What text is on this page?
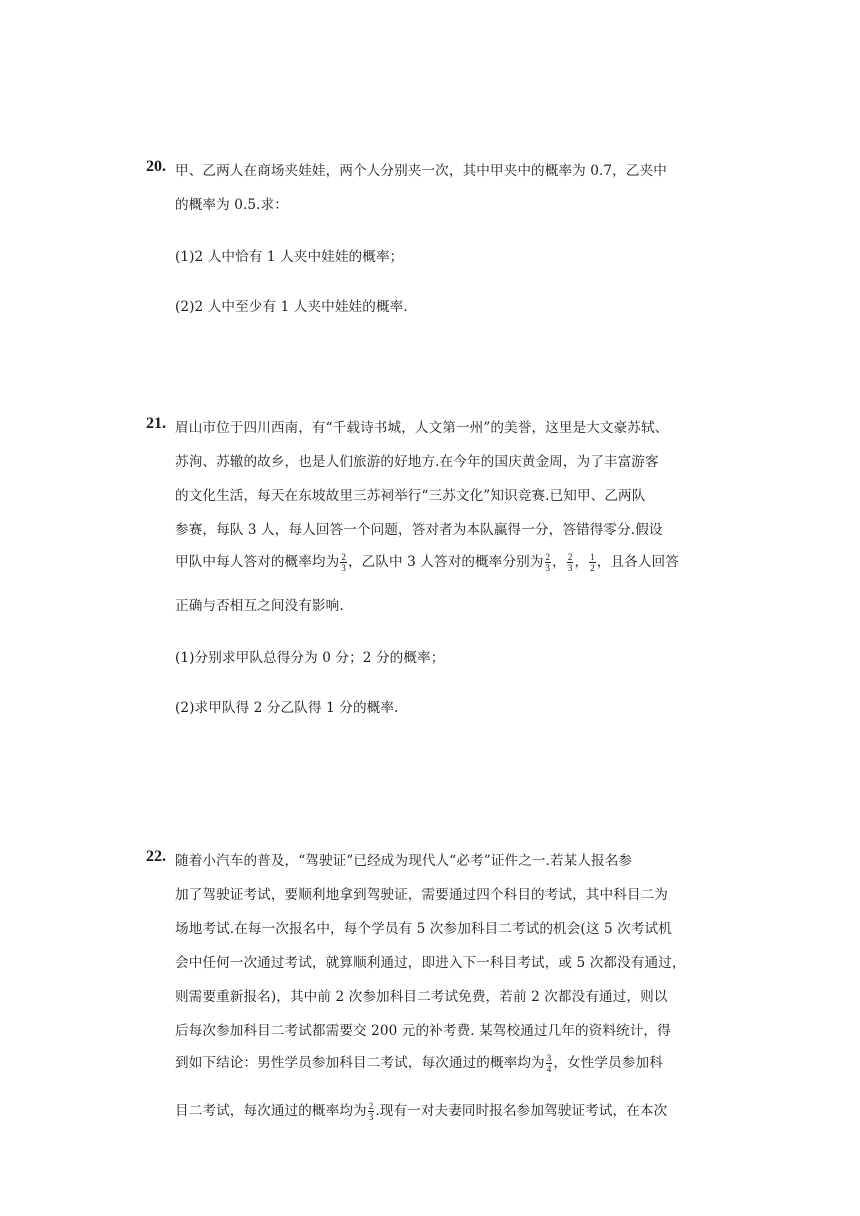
20. 甲、乙两人在商场夹娃娃，两个人分别夹一次，其中甲夹中的概率为 0.7，乙夹中
的概率为 0.5.求：
(1)2 人中恰有 1 人夹中娃娃的概率；
(2)2 人中至少有 1 人夹中娃娃的概率.
21. 眉山市位于四川西南，有“千载诗书城，人文第一州”的美誉，这里是大文豪苏轼、
苏洵、苏辙的故乡，也是人们旅游的好地方.在今年的国庆黄金周，为了丰富游客
的文化生活，每天在东坡故里三苏祠举行“三苏文化”知识竞赛.已知甲、乙两队
参赛，每队 3 人，每人回答一个问题，答对者为本队赢得一分，答错得零分.假设
甲队中每人答对的概率均为 $\frac{2}{3}$ ，乙队中 3 人答对的概率分别为 $\frac{2}{3}$ ， $\frac{2}{3}$ ， $\frac{1}{2}$ ，且各人回答
正确与否相互之间没有影响.
(1)分别求甲队总得分为 0 分；2 分的概率；
(2)求甲队得 2 分乙队得 1 分的概率.
22. 随着小汽车的普及，“驾驶证”已经成为现代人“必考”证件之一.若某人报名参
加了驾驶证考试，要顺利地拿到驾驶证，需要通过四个科目的考试，其中科目二为
场地考试.在每一次报名中，每个学员有 5 次参加科目二考试的机会(这 5 次考试机
会中任何一次通过考试，就算顺利通过，即进入下一科目考试，或 5 次都没有通过，
则需要重新报名)，其中前 2 次参加科目二考试免费，若前 2 次都没有通过，则以
后每次参加科目二考试都需要交 200 元的补考费. 某驾校通过几年的资料统计，得
到如下结论：男性学员参加科目二考试，每次通过的概率均为 $\frac{3}{4}$ ，女性学员参加科
目二考试，每次通过的概率均为 $\frac{2}{3}$ .现有一对夫妻同时报名参加驾驶证考试，在本次
